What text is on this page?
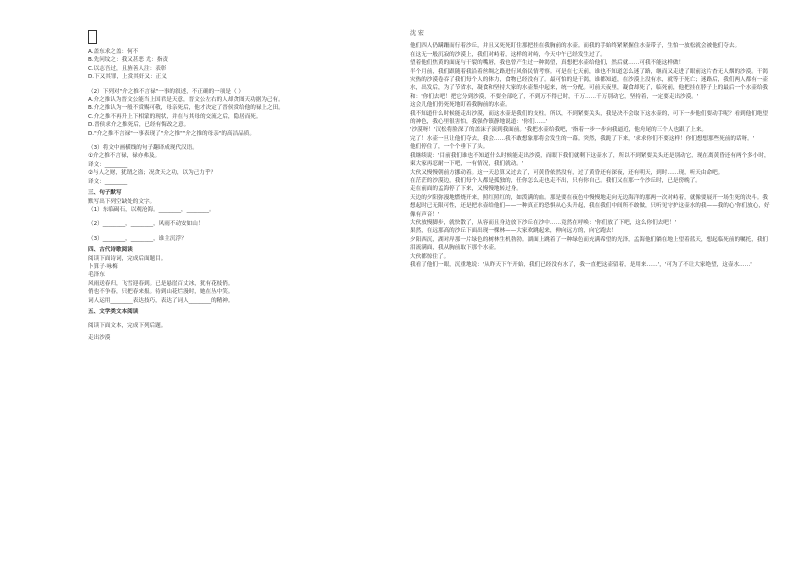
A.盖东求之盖：何不
B.先问坟之：我又甚恶 尤：指责
C.以志吾过，且旌善人注：表彰
D.下又其罪，上赏其奸又：正义
（2）下列对"介之推不言禄"一事的叙述，不正确的一项是（ ）
A.介之推认为晋文公能当上国君是天意，晋文公左右的人却贪图天功据为己有。
B.介之推认为一般不赏赐可敬，母亲死后，他才决定了晋侯赏给他的禄上之田。
C.介之推不再升上下相蒙的现状，并在与其母的交流之后，隐居而死。
D.晋侯求介之推死后，已经有悔改之意。
D."介之推不言禄"一事表现了"介之推""介之推的母亲"的高洁品质。
（3）将文中画横线的句子翻译成现代汉语。
①介之推不言禄，禄亦弗及。
译文：________
②与人之财，犹谓之盗；况贪天之功，以为己力乎？
译文：________
三、句子默写
默写出下列空缺处的文字。
（1）东临碣石，以观沧海。________，________。
（2）________，________，风雨不动安如山！
（3）________，________，谁主沉浮？
四、古代诗歌阅读
阅读下面诗词，完成后面题目。
卜算子·咏梅
毛泽东
风雨送春归，飞雪迎春到。已是悬崖百丈冰，犹有花枝俏。
俏也不争春，只把春来报。待到山花烂漫时，她在丛中笑。
词人运用________表达技巧，表达了词人________的精神。
五、文学类文本阅读
阅读下面文本，完成下列后题。
走出沙漠
沈 宏
他们四人仍蹒跚而行着沙丘，并且又死死盯住那把挂在我胸前的水壶。而我的手始终紧紧握住水壶带子，生怕一放松就会被他们夺去。
在这无一般沉寂的沙漠上，我们对峙着，这样的对峙，今天中午已经发生过了。
望着他们焦黄的面庞与干裂的嘴唇，我也曾产生过一种渴望，真想把水壶给他们，然后就……可我不能这样做！
半个月前，我们跟随着我沿着丝绸之路进行风俗民情考察。可是在七天前，谁也不知道怎么迷了路，继而又走进了眼前这片杳无人烟的沙漠。干渴灾热的沙漠卷吞了我们每个人的体力，食物已经没有了。最可怕的是干渴，谁都知道，在沙漠上没有水，就等于死亡；迷路后，我们两人都有一壶水，出发后，为了节省水，凝食和坚持大家的水壶集中起来，统一分配。可前天夜里，凝食却死了，临死前，他把挂在脖子上的最后一个水壶给我和：'你们去吧！把它分到沙漠，不要全部吃了，不到万不得已时，千万……千万别动它，坚持着，一定要走出沙漠。'
这会儿他们仍死死地盯着我胸前的水壶。
我不知道什么时候能走出沙漠，而这水壶是我们的支柱。所以，不到紧要关头，我是决不会取下这水壶的，可下一步他们要动手呢？看到他们绝望的神色，我心里很害怕，我强作镇静地说道：'你们……'
'沙漠呀！'汉松将脸深了的盖沫子滚到我面前。'我把水壶给我吧，'指着一步一步向我逼近，他舟尾的三个人也跟了上来。
完了！水壶一旦让他们夺去，我会……我不敢想象那将会发生的一幕。突然，我跪了下来，'求求你们不要这样！你们想想那些死前的话呀。'
他们停住了，一个个垂下了头。
我继续说：'目前我们谁也不知道什么时候能走出沙漠，而眼下我们就剩下这壶水了，所以不到紧要关头还是别动它，现在离黄昏还有两个多小时，柬大家再忍耐一下吧，一有情况，我们就动。'
大伙又慢慢朝前方挪动着。这一天总算又过去了，可黄昏依然没有，过了黄昏还有深夜，还有明天，到时……现，听天由命吧。
在茫茫的沙漠边，我们每个人都是孤独的，任你怎么走也走不出，只有你自己。我们又在那一个沙丘时，已是傍晚了。
走在前面的孟海停了下来，又慢慢地转过身。
天边的夕阳弥漫地燃烧开来，照红照红的，如泼满的血。那是要在夜色中慢慢地走向无边海洋的那两一次对峙着，就像要展开一场生死的决斗。我想起时已无限可性，还是把水壶给他们——一种真正的恐惧从心头升起，我在我们中间所不敢做，只听见守护这壶水的我——我的心'你们放心，好像有声音！'
大伙放慢脚步，就快散了，从容而且身边放下沙丘在沙中……竟然在呼唤：'你们放了下吧，这么你们去吧！'
果然，在远那高的沙丘下面出现一棵林——大家欢跳起来，伸向远方的，向它跑去！
夕阳西沉，湖对岸那一片绿色的树林生机勃勃。湖面上跳着了一种绿色而充满希望的光泽，孟海他们躺在地上望着蓝天，想起临死前的嘱托，我们泪流满面，我从胸前取下那个水壶。
大伙都惊住了。
我看了他们一眼，沉重地说：'从昨天下午开始，我们已经没有水了，我一直把这壶留着，是用来……'，'可为了不让大家绝望，这壶水……'
